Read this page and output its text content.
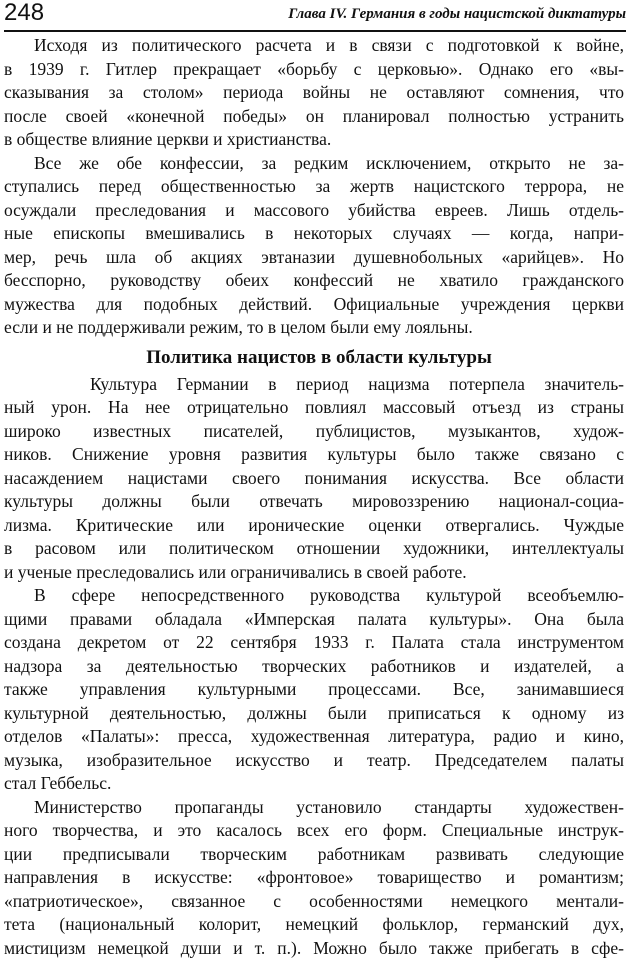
248	Глава IV. Германия в годы нацистской диктатуры
Исходя из политического расчета и в связи с подготовкой к войне,
в 1939 г. Гитлер прекращает «борьбу с церковью». Однако его «вы-
сказывания за столом» периода войны не оставляют сомнения, что
после своей «конечной победы» он планировал полностью устранить
в обществе влияние церкви и христианства.
Все же обе конфессии, за редким исключением, открыто не за-
ступались перед общественностью за жертв нацистского террора, не
осуждали преследования и массового убийства евреев. Лишь отдель-
ные епископы вмешивались в некоторых случаях — когда, напри-
мер, речь шла об акциях эвтаназии душевнобольных «арийцев». Но
бесспорно, руководству обеих конфессий не хватило гражданского
мужества для подобных действий. Официальные учреждения церкви
если и не поддерживали режим, то в целом были ему лояльны.
Политика нацистов в области культуры
Культура Германии в период нацизма потерпела значитель-
ный урон. На нее отрицательно повлиял массовый отъезд из страны
широко известных писателей, публицистов, музыкантов, худож-
ников. Снижение уровня развития культуры было также связано с
насаждением нацистами своего понимания искусства. Все области
культуры должны были отвечать мировоззрению национал-социа-
лизма. Критические или иронические оценки отвергались. Чуждые
в расовом или политическом отношении художники, интеллектуалы
и ученые преследовались или ограничивались в своей работе.
В сфере непосредственного руководства культурой всеобъемлю-
щими правами обладала «Имперская палата культуры». Она была
создана декретом от 22 сентября 1933 г. Палата стала инструментом
надзора за деятельностью творческих работников и издателей, а
также управления культурными процессами. Все, занимавшиеся
культурной деятельностью, должны были приписаться к одному из
отделов «Палаты»: пресса, художественная литература, радио и кино,
музыка, изобразительное искусство и театр. Председателем палаты
стал Геббельс.
Министерство пропаганды установило стандарты художествен-
ного творчества, и это касалось всех его форм. Специальные инструк-
ции предписывали творческим работникам развивать следующие
направления в искусстве: «фронтовое» товарищество и романтизм;
«патриотическое», связанное с особенностями немецкого ментали-
тета (национальный колорит, немецкий фольклор, германский дух,
мистицизм немецкой души и т. п.). Можно было также прибегать в сфе-
